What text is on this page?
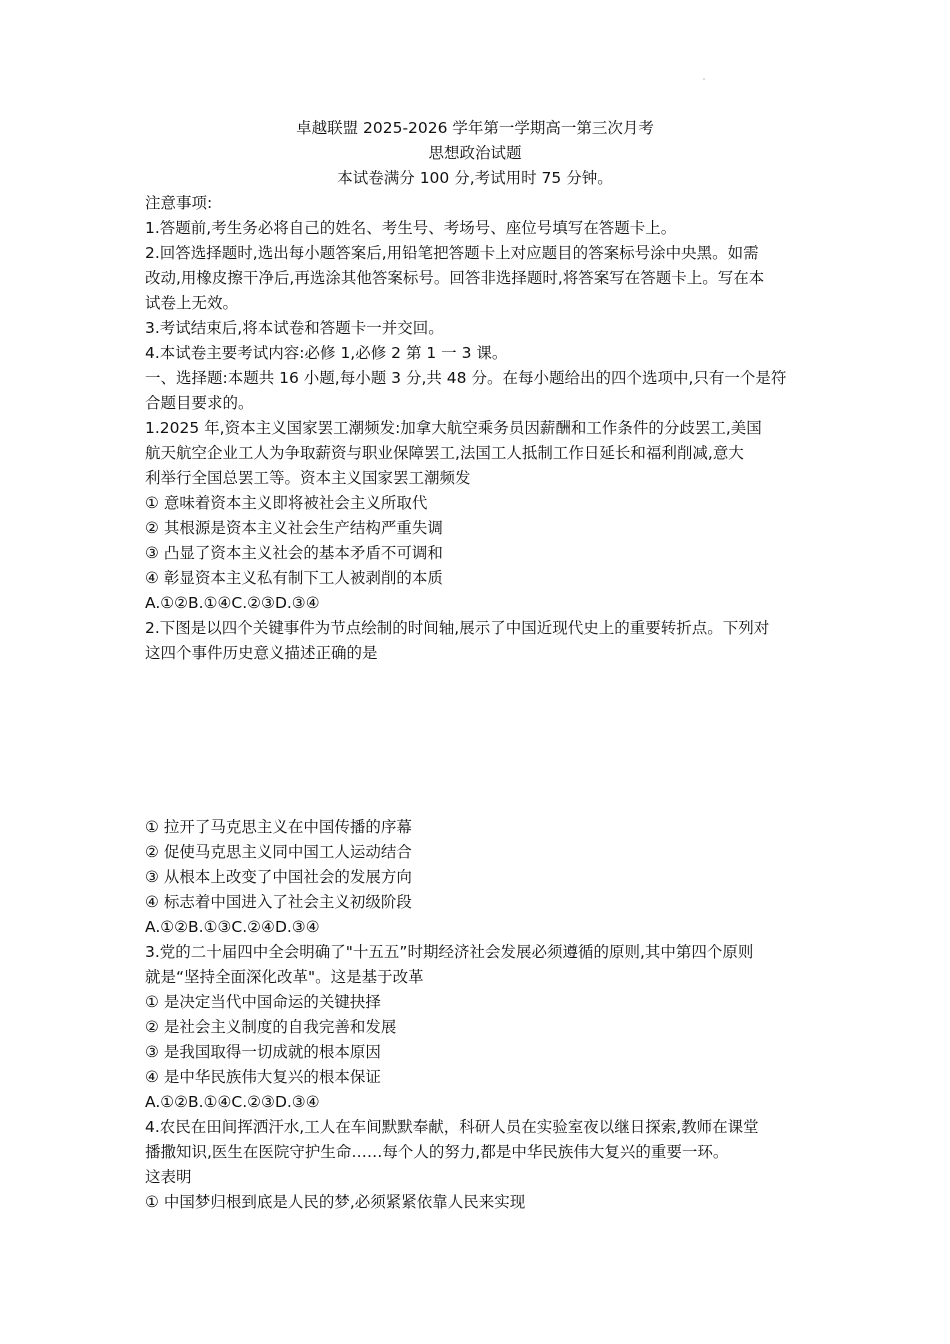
卓越联盟 2025-2026 学年第一学期高一第三次月考

思想政治试题

本试卷满分 100 分,考试用时 75 分钟。

注意事项:

1.答题前,考生务必将自己的姓名、考生号、考场号、座位号填写在答题卡上。

2.回答选择题时,选出每小题答案后,用铅笔把答题卡上对应题目的答案标号涂中央黑。如需

改动,用橡皮擦干净后,再选涂其他答案标号。回答非选择题时,将答案写在答题卡上。写在本

试卷上无效。

3.考试结束后,将本试卷和答题卡一并交回。

4.本试卷主要考试内容:必修 1,必修 2 第 1 一 3 课。

一、选择题:本题共 16 小题,每小题 3 分,共 48 分。在每小题给出的四个选项中,只有一个是符

合题目要求的。

1.2025 年,资本主义国家罢工潮频发:加拿大航空乘务员因薪酬和工作条件的分歧罢工,美国

航天航空企业工人为争取薪资与职业保障罢工,法国工人抵制工作日延长和福利削减,意大

利举行全国总罢工等。资本主义国家罢工潮频发

① 意味着资本主义即将被社会主义所取代

② 其根源是资本主义社会生产结构严重失调

③ 凸显了资本主义社会的基本矛盾不可调和

④ 彰显资本主义私有制下工人被剥削的本质

A.①②B.①④C.②③D.③④

2.下图是以四个关键事件为节点绘制的时间轴,展示了中国近现代史上的重要转折点。下列对

这四个事件历史意义描述正确的是

① 拉开了马克思主义在中国传播的序幕

② 促使马克思主义同中国工人运动结合

③ 从根本上改变了中国社会的发展方向

④ 标志着中国进入了社会主义初级阶段

A.①②B.①③C.②④D.③④

3.党的二十届四中全会明确了"十五五”时期经济社会发展必须遵循的原则,其中第四个原则

就是“坚持全面深化改革"。这是基于改革

① 是决定当代中国命运的关键抉择

② 是社会主义制度的自我完善和发展

③ 是我国取得一切成就的根本原因

④ 是中华民族伟大复兴的根本保证

A.①②B.①④C.②③D.③④

4.农民在田间挥洒汗水,工人在车间默默奉献，科研人员在实验室夜以继日探索,教师在课堂

播撒知识,医生在医院守护生命……每个人的努力,都是中华民族伟大复兴的重要一环。

这表明

① 中国梦归根到底是人民的梦,必须紧紧依靠人民来实现
